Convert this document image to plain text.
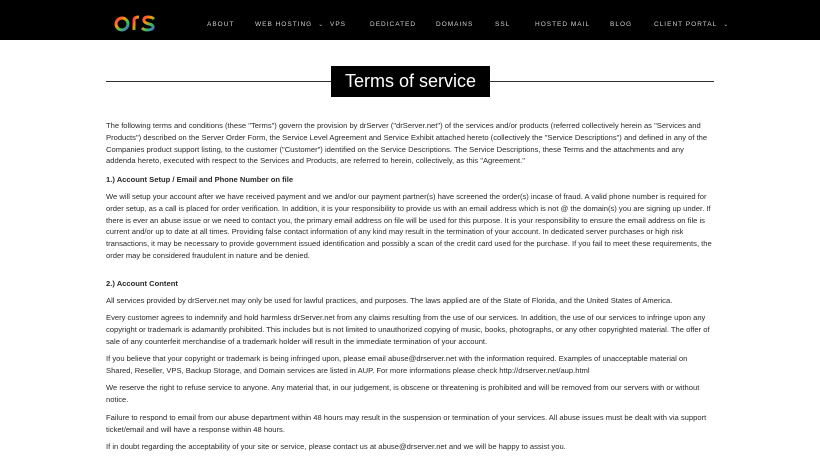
ABOUT	WEB HOSTING ⌄ VPS	DEDICATED	DOMAINS	SSL	HOSTED MAIL	BLOG	CLIENT PORTAL ⌄
Terms of service

The following terms and conditions (these "Terms") govern the provision by drServer ("drServer.net") of the services and/or products (referred collectively herein as "Services and Products") described on the Server Order Form, the Service Level Agreement and Service Exhibit attached hereto (collectively the "Service Descriptions") and defined in any of the Companies product support listing, to the customer ("Customer") identified on the Service Descriptions. The Service Descriptions, these Terms and the attachments and any addenda hereto, executed with respect to the Services and Products, are referred to herein, collectively, as this "Agreement."

1.) Account Setup / Email and Phone Number on file

We will setup your account after we have received payment and we and/or our payment partner(s) have screened the order(s) incase of fraud. A valid phone number is required for order setup, as a call is placed for order verification. In addition, it is your responsibility to provide us with an email address which is not @ the domain(s) you are signing up under. If there is ever an abuse issue or we need to contact you, the primary email address on file will be used for this purpose. It is your responsibility to ensure the email address on file is current and/or up to date at all times. Providing false contact information of any kind may result in the termination of your account. In dedicated server purchases or high risk transactions, it may be necessary to provide government issued identification and possibly a scan of the credit card used for the purchase. If you fail to meet these requirements, the order may be considered fraudulent in nature and be denied.

2.) Account Content

All services provided by drServer.net may only be used for lawful practices, and purposes. The laws applied are of the State of Florida, and the United States of America.

Every customer agrees to indemnify and hold harmless drServer.net from any claims resulting from the use of our services. In addition, the use of our services to infringe upon any copyright or trademark is adamantly prohibited. This includes but is not limited to unauthorized copying of music, books, photographs, or any other copyrighted material. The offer of sale of any counterfeit merchandise of a trademark holder will result in the immediate termination of your account.

If you believe that your copyright or trademark is being infringed upon, please email abuse@drserver.net with the information required. Examples of unacceptable material on Shared, Reseller, VPS, Backup Storage, and Domain services are listed in AUP. For more informations please check http://drserver.net/aup.html

We reserve the right to refuse service to anyone. Any material that, in our judgement, is obscene or threatening is prohibited and will be removed from our servers with or without notice.

Failure to respond to email from our abuse department within 48 hours may result in the suspension or termination of your services. All abuse issues must be dealt with via support ticket/email and will have a response within 48 hours.

If in doubt regarding the acceptability of your site or service, please contact us at abuse@drserver.net and we will be happy to assist you.
